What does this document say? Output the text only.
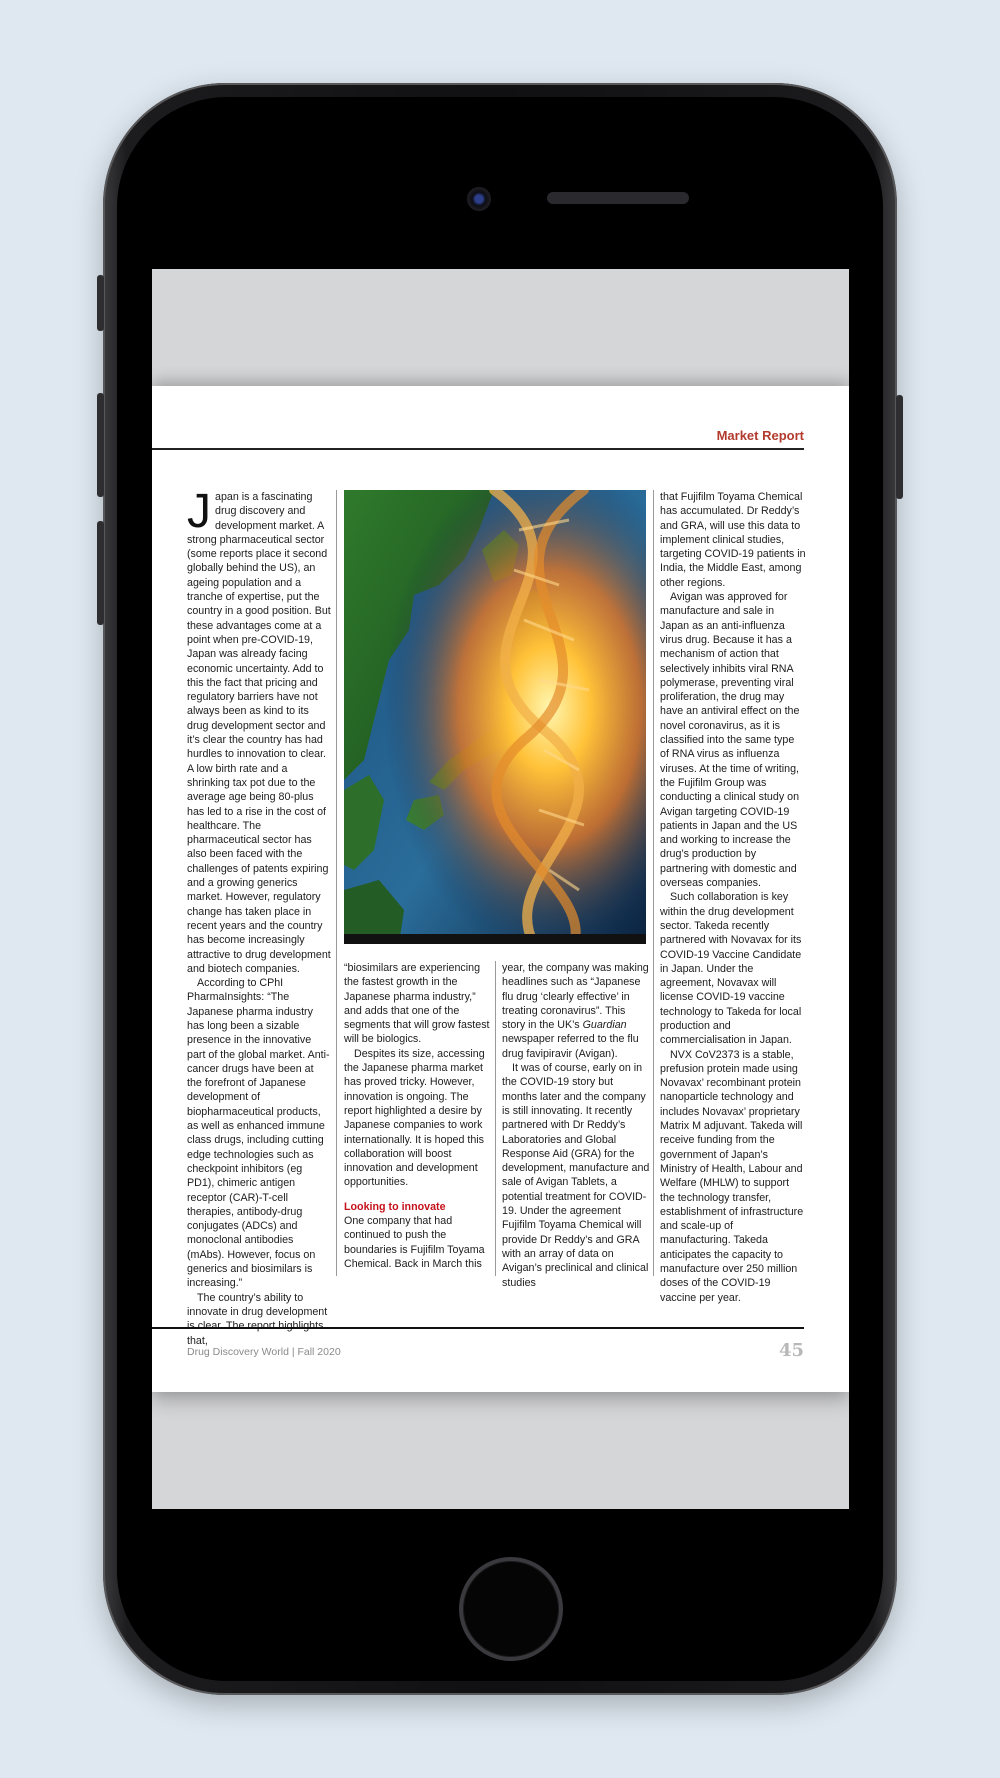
Market Report

Japan is a fascinating drug discovery and development market. A strong pharmaceutical sector (some reports place it second globally behind the US), an ageing population and a tranche of expertise, put the country in a good position. But these advantages come at a point when pre-COVID-19, Japan was already facing economic uncertainty. Add to this the fact that pricing and regulatory barriers have not always been as kind to its drug development sector and it’s clear the country has had hurdles to innovation to clear. A low birth rate and a shrinking tax pot due to the average age being 80-plus has led to a rise in the cost of healthcare. The pharmaceutical sector has also been faced with the challenges of patents expiring and a growing generics market. However, regulatory change has taken place in recent years and the country has become increasingly attractive to drug development and biotech companies.

According to CPhI PharmaInsights: “The Japanese pharma industry has long been a sizable presence in the innovative part of the global market. Anti-cancer drugs have been at the forefront of Japanese development of biopharmaceutical products, as well as enhanced immune class drugs, including cutting edge technologies such as checkpoint inhibitors (eg PD1), chimeric antigen receptor (CAR)-T-cell therapies, antibody-drug conjugates (ADCs) and monoclonal antibodies (mAbs). However, focus on generics and biosimilars is increasing.”

The country’s ability to innovate in drug development that,

“biosimilars are experiencing the fastest growth in the Japanese pharma industry,” and adds that one of the segments that will grow fastest will be biologics.

Despites its size, accessing the Japanese pharma market has proved tricky. However, innovation is ongoing. The report highlighted a desire by Japanese companies to work internationally. It is hoped this collaboration will boost innovation and development opportunities.

Looking to innovate

One company that had continued to push the boundaries is Fujifilm Toyama Chemical. Back in March this

year, the company was making headlines such as “Japanese flu drug ‘clearly effective’ in treating coronavirus”. This story in the UK’s Guardian newspaper referred to the flu drug favipiravir (Avigan).

It was of course, early on in the COVID-19 story but months later and the company is still innovating. It recently partnered with Dr Reddy’s Laboratories and Global Response Aid (GRA) for the development, manufacture and sale of Avigan Tablets, a potential treatment for COVID-19. Under the agreement Fujifilm Toyama Chemical will provide Dr Reddy’s and GRA with an array of data on Avigan’s preclinical and clinical studies

that Fujifilm Toyama Chemical has accumulated. Dr Reddy’s and GRA, will use this data to implement clinical studies, targeting COVID-19 patients in India, the Middle East, among other regions.

Avigan was approved for manufacture and sale in Japan as an anti-influenza virus drug. Because it has a mechanism of action that selectively inhibits viral RNA polymerase, preventing viral proliferation, the drug may have an antiviral effect on the novel coronavirus, as it is classified into the same type of RNA virus as influenza viruses. At the time of writing, the Fujifilm Group was conducting a clinical study on Avigan targeting COVID-19 patients in Japan and the US and working to increase the drug’s production by partnering with domestic and overseas companies.

Such collaboration is key within the drug development sector. Takeda recently partnered with Novavax for its COVID-19 Vaccine Candidate in Japan. Under the agreement, Novavax will license COVID-19 vaccine technology to Takeda for local production and commercialisation in Japan.

NVX CoV2373 is a stable, prefusion protein made using Novavax’ recombinant protein nanoparticle technology and includes Novavax’ proprietary Matrix M adjuvant. Takeda will receive funding from the government of Japan’s Ministry of Health, Labour and Welfare (MHLW) to support the technology transfer, establishment of infrastructure and scale-up of manufacturing. Takeda anticipates the capacity to manufacture over 250 million doses of the COVID-19 vaccine per year.

Drug Discovery World | Fall 2020	45
